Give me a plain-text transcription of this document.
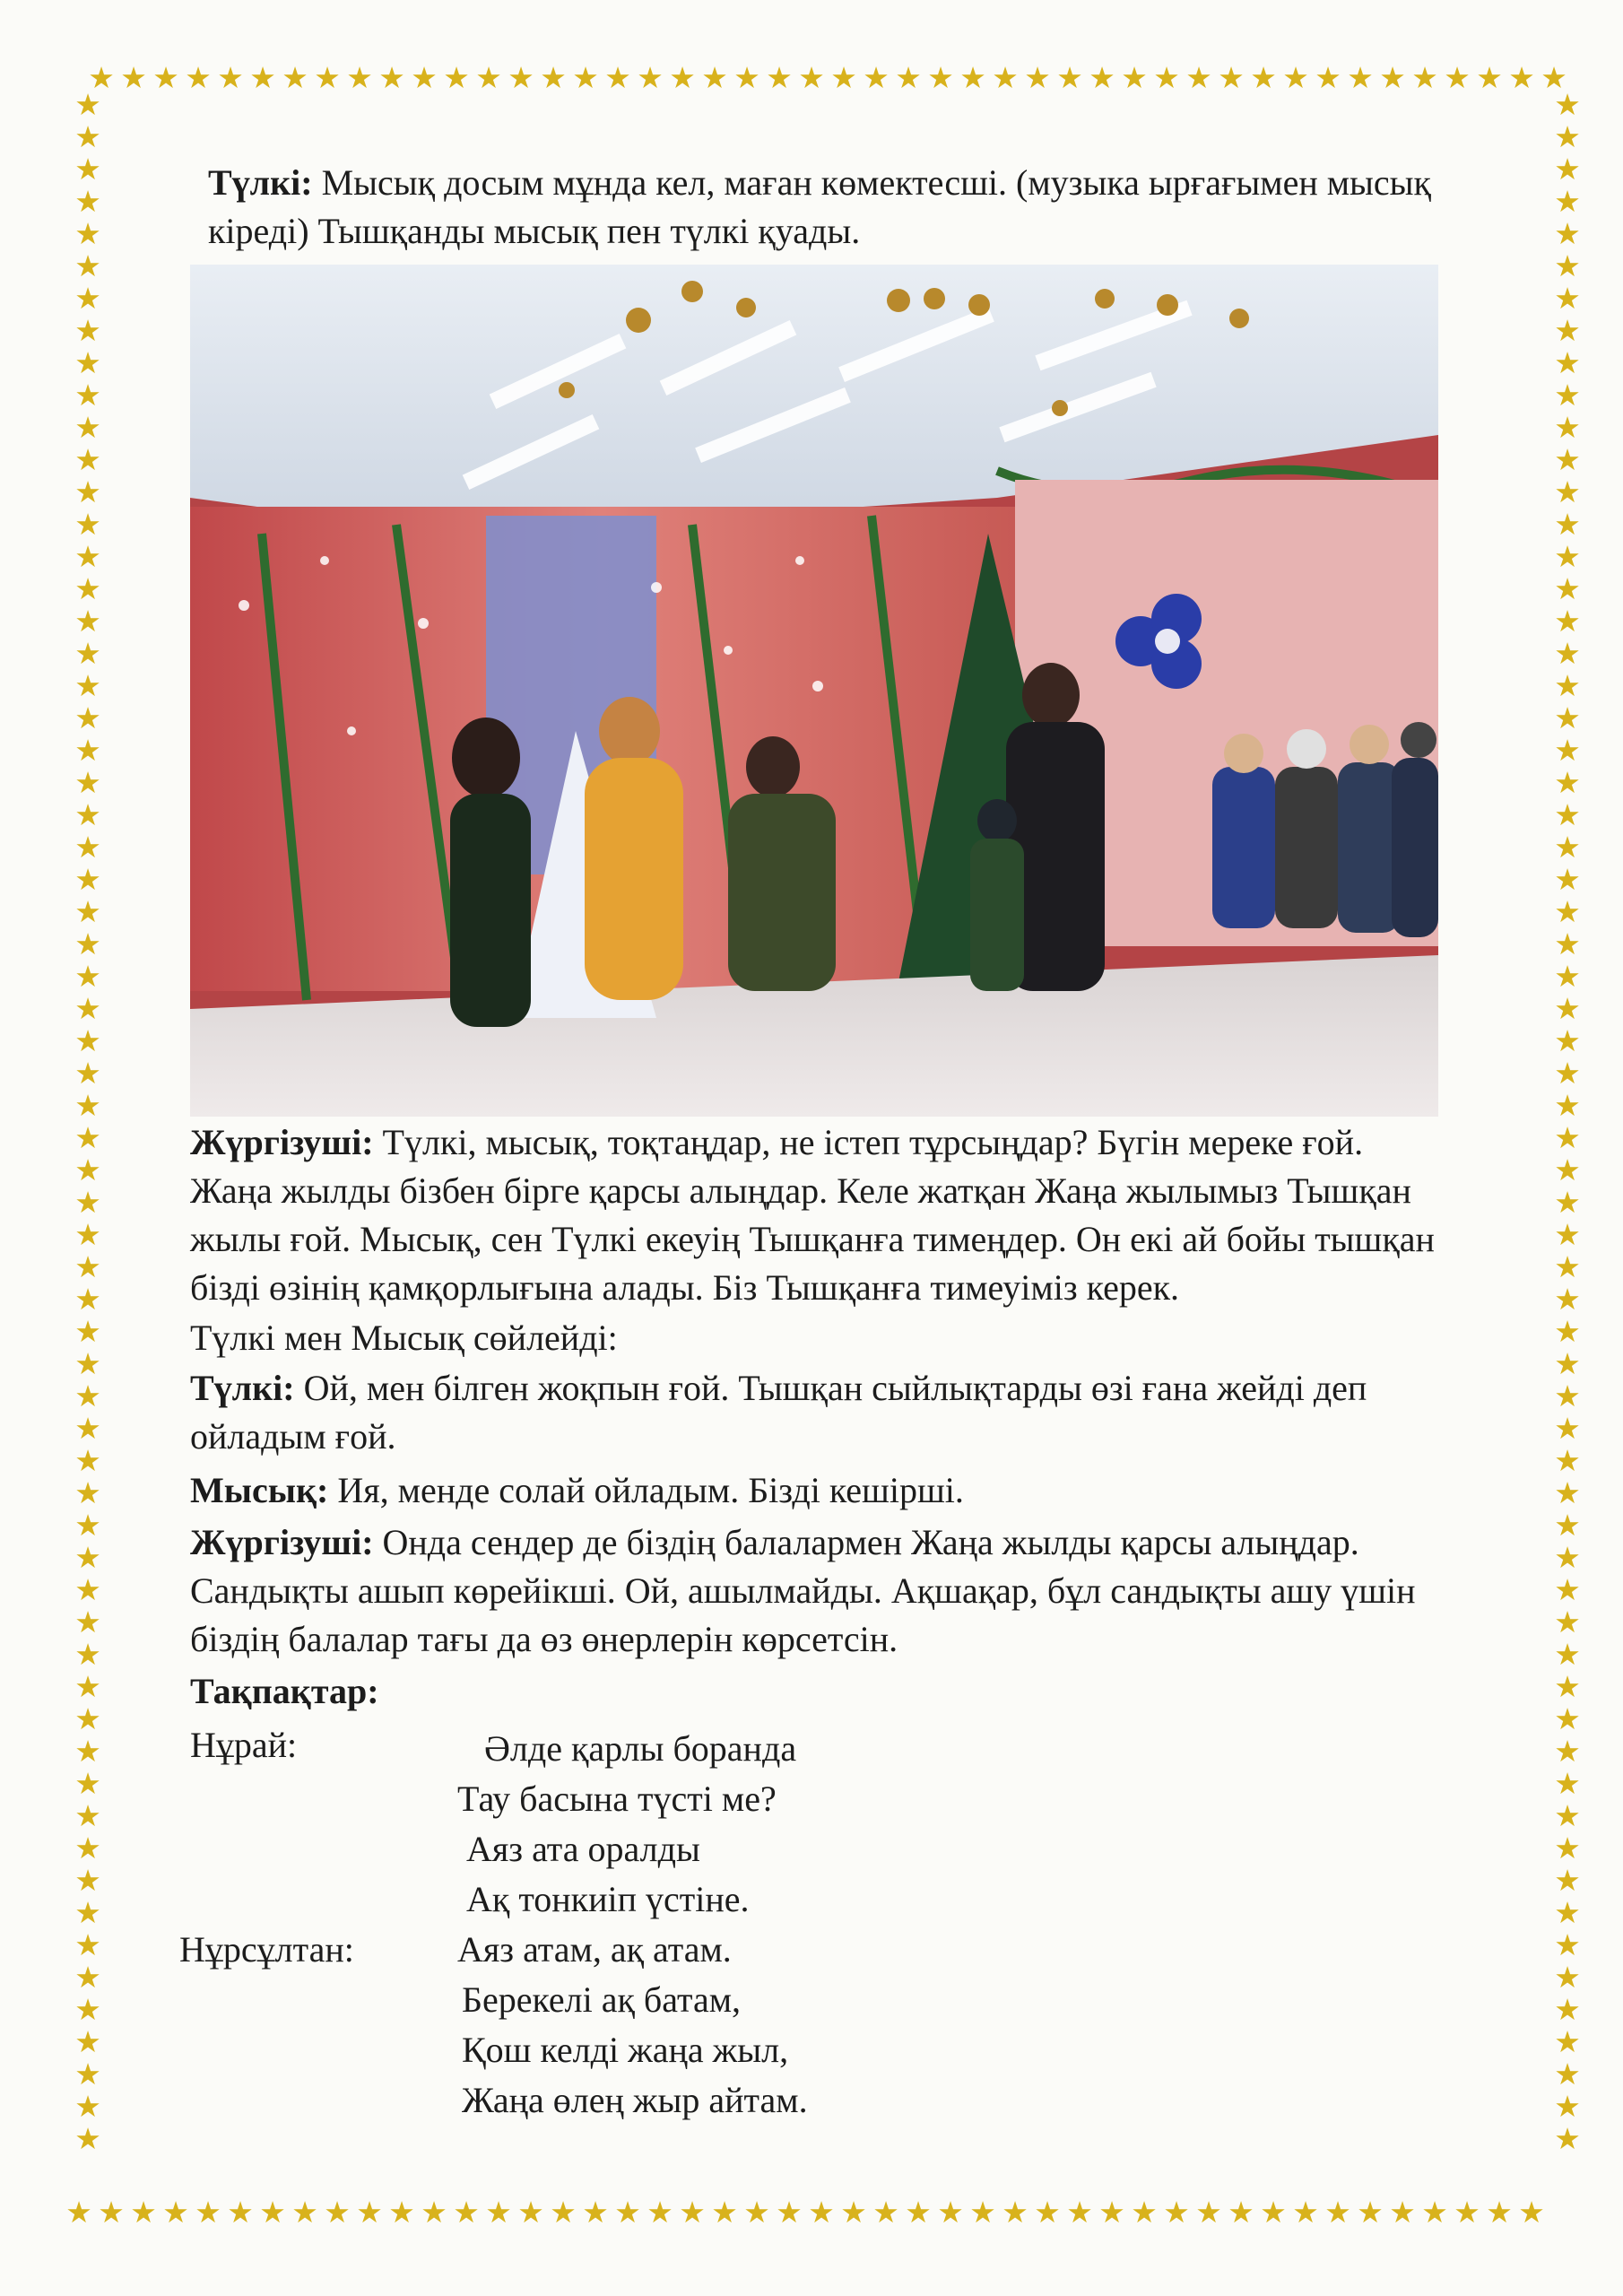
★ ★ ★ ★ ★ ★ ★ ★ ★ ★ ★ ★ ★ ★ ★ ★ ★ ★ ★ ★ ★ ★ ★ ★ ★ ★ ★ ★ ★ ★ ★ ★ ★ ★ ★ ★ ★ ★ ★ ★ ★ ★ ★ ★ ★ ★
★ ★ ★ ★ ★ ★ ★ ★ ★ ★ ★ ★ ★ ★ ★ ★ ★ ★ ★ ★ ★ ★ ★ ★ ★ ★ ★ ★ ★ ★ ★ ★ ★ ★ ★ ★ ★ ★ ★ ★ ★ ★ ★ ★ ★ ★
★
★
★
★
★
★
★
★
★
★
★
★
★
★
★
★
★
★
★
★
★
★
★
★
★
★
★
★
★
★
★
★
★
★
★
★
★
★
★
★
★
★
★
★
★
★
★
★
★
★
★
★
★
★
★
★
★
★
★
★
★
★
★
★
★
★
★
★
★
★
★
★
★
★
★
★
★
★
★
★
★
★
★
★
★
★
★
★
★
★
★
★
★
★
★
★
★
★
★
★
★
★
★
★
★
★
★
★
★
★
★
★
★
★
★
★
★
★
★
★
★
★
★
★
★
★
★
★
Түлкі: Мысық досым мұнда кел, маған көмектесші. (музыка ырғағымен мысық
кіреді) Тышқанды мысық пен түлкі қуады.
Жүргізуші: Түлкі, мысық, тоқтаңдар, не істеп тұрсыңдар? Бүгін мереке ғой.
Жаңа жылды бізбен бірге қарсы алыңдар. Келе жатқан Жаңа жылымыз Тышқан
жылы ғой. Мысық, сен Түлкі екеуің Тышқанға тимеңдер. Он екі ай бойы тышқан
бізді өзінің қамқорлығына алады. Біз Тышқанға тимеуіміз керек.
Түлкі мен Мысық сөйлейді:
Түлкі: Ой, мен білген жоқпын ғой. Тышқан сыйлықтарды өзі ғана жейді деп
ойладым ғой.
Мысық: Ия, менде солай ойладым. Бізді кешірші.
Жүргізуші: Онда сендер де біздің балалармен Жаңа жылды қарсы алыңдар.
Сандықты ашып көрейікші. Ой, ашылмайды. Ақшақар, бұл сандықты ашу үшін
біздің балалар тағы да өз өнерлерін көрсетсін.
Тақпақтар:
Нұрай:	Әлде қарлы боранда
Тау басына түсті ме?
Аяз ата оралды
Ақ тонкиіп үстіне.
Нұрсұлтан:	Аяз атам, ақ атам.
Берекелі ақ батам,
Қош келді жаңа жыл,
Жаңа өлең жыр айтам.
